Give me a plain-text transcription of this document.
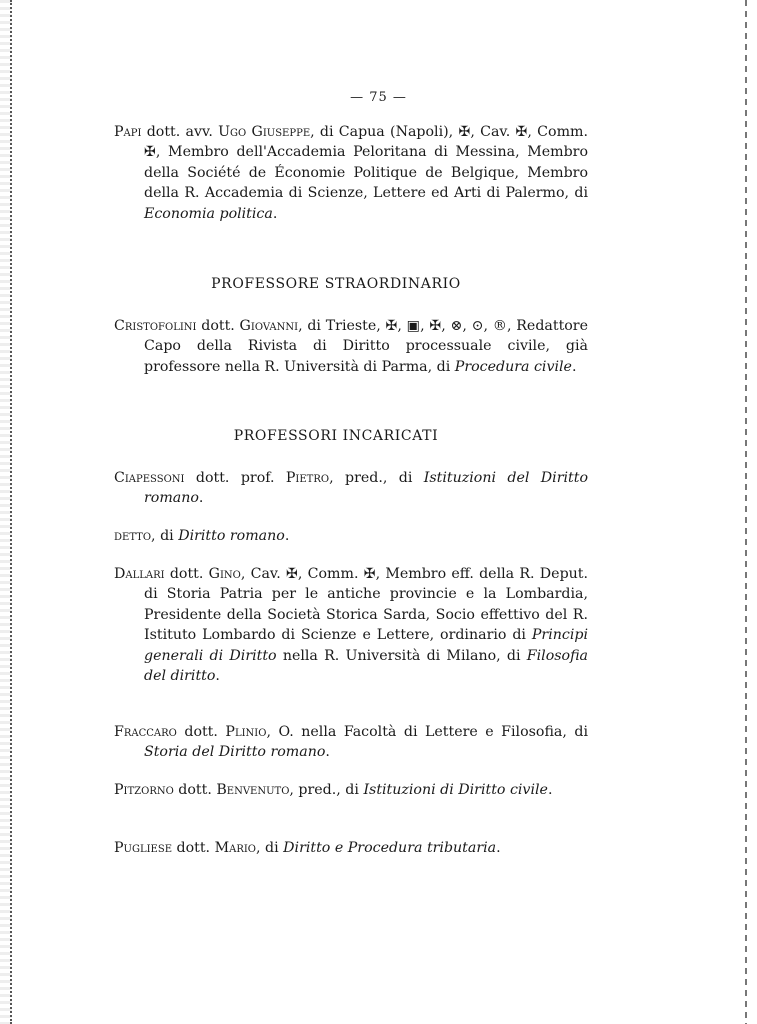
— 75 —

Papi dott. avv. Ugo Giuseppe, di Capua (Napoli), ✠, Cav. ✠, Comm. ✠, Membro dell'Accademia Peloritana di Messina, Membro della Société de Économie Politique de Belgique, Membro della R. Accademia di Scienze, Lettere ed Arti di Palermo, di Economia politica.

PROFESSORE STRAORDINARIO

Cristofolini dott. Giovanni, di Trieste, ✠, ▣, ✠, ⊗, ⊙, ®, Redattore Capo della Rivista di Diritto processuale civile, già professore nella R. Università di Parma, di Procedura civile.

PROFESSORI INCARICATI

Ciapessoni dott. prof. Pietro, pred., di Istituzioni del Diritto romano.

detto, di Diritto romano.

Dallari dott. Gino, Cav. ✠, Comm. ✠, Membro eff. della R. Deput. di Storia Patria per le antiche provincie e la Lombardia, Presidente della Società Storica Sarda, Socio effettivo del R. Istituto Lombardo di Scienze e Lettere, ordinario di Principi generali di Diritto nella R. Università di Milano, di Filosofia del diritto.

Fraccaro dott. Plinio, O. nella Facoltà di Lettere e Filosofia, di Storia del Diritto romano.

Pitzorno dott. Benvenuto, pred., di Istituzioni di Diritto civile.

Pugliese dott. Mario, di Diritto e Procedura tributaria.
